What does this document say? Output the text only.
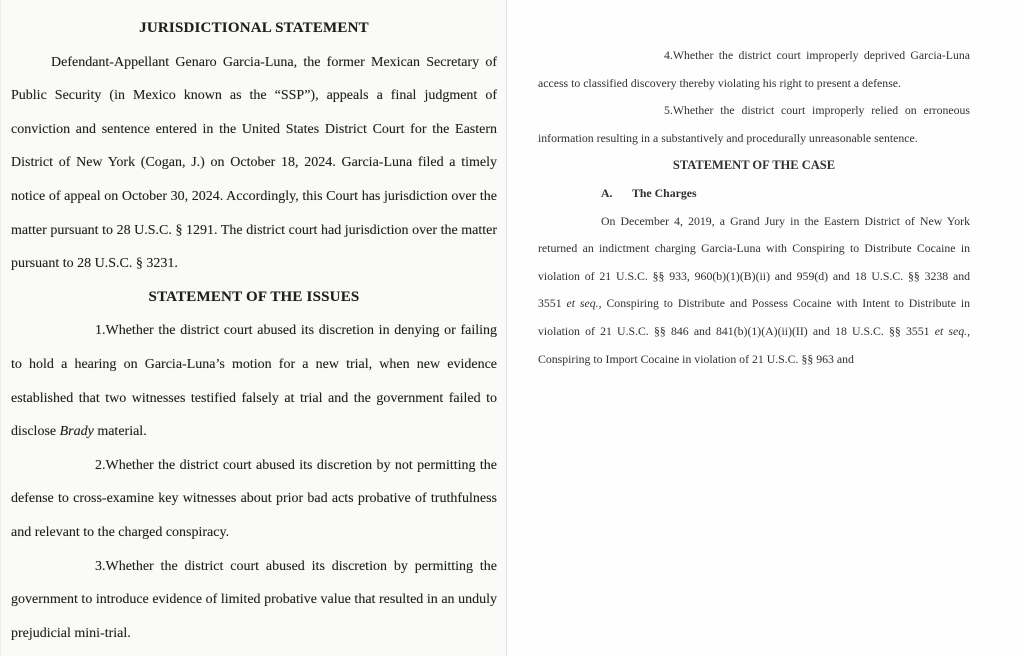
JURISDICTIONAL STATEMENT

Defendant-Appellant Genaro Garcia-Luna, the former Mexican Secretary of Public Security (in Mexico known as the “SSP”), appeals a final judgment of conviction and sentence entered in the United States District Court for the Eastern District of New York (Cogan, J.) on October 18, 2024. Garcia-Luna filed a timely notice of appeal on October 30, 2024. Accordingly, this Court has jurisdiction over the matter pursuant to 28 U.S.C. § 1291. The district court had jurisdiction over the matter pursuant to 28 U.S.C. § 3231.

STATEMENT OF THE ISSUES

1.Whether the district court abused its discretion in denying or failing to hold a hearing on Garcia-Luna’s motion for a new trial, when new evidence established that two witnesses testified falsely at trial and the government failed to disclose Brady material.

2.Whether the district court abused its discretion by not permitting the defense to cross-examine key witnesses about prior bad acts probative of truthfulness and relevant to the charged conspiracy.

3.Whether the district court abused its discretion by permitting the government to introduce evidence of limited probative value that resulted in an unduly prejudicial mini-trial.

4.Whether the district court improperly deprived Garcia-Luna access to classified discovery thereby violating his right to present a defense.

5.Whether the district court improperly relied on erroneous information resulting in a substantively and procedurally unreasonable sentence.

STATEMENT OF THE CASE

A. The Charges

On December 4, 2019, a Grand Jury in the Eastern District of New York returned an indictment charging Garcia-Luna with Conspiring to Distribute Cocaine in violation of 21 U.S.C. §§ 933, 960(b)(1)(B)(ii) and 959(d) and 18 U.S.C. §§ 3238 and 3551 et seq., Conspiring to Distribute and Possess Cocaine with Intent to Distribute in violation of 21 U.S.C. §§ 846 and 841(b)(1)(A)(ii)(II) and 18 U.S.C. §§ 3551 et seq., Conspiring to Import Cocaine in violation of 21 U.S.C. §§ 963 and
